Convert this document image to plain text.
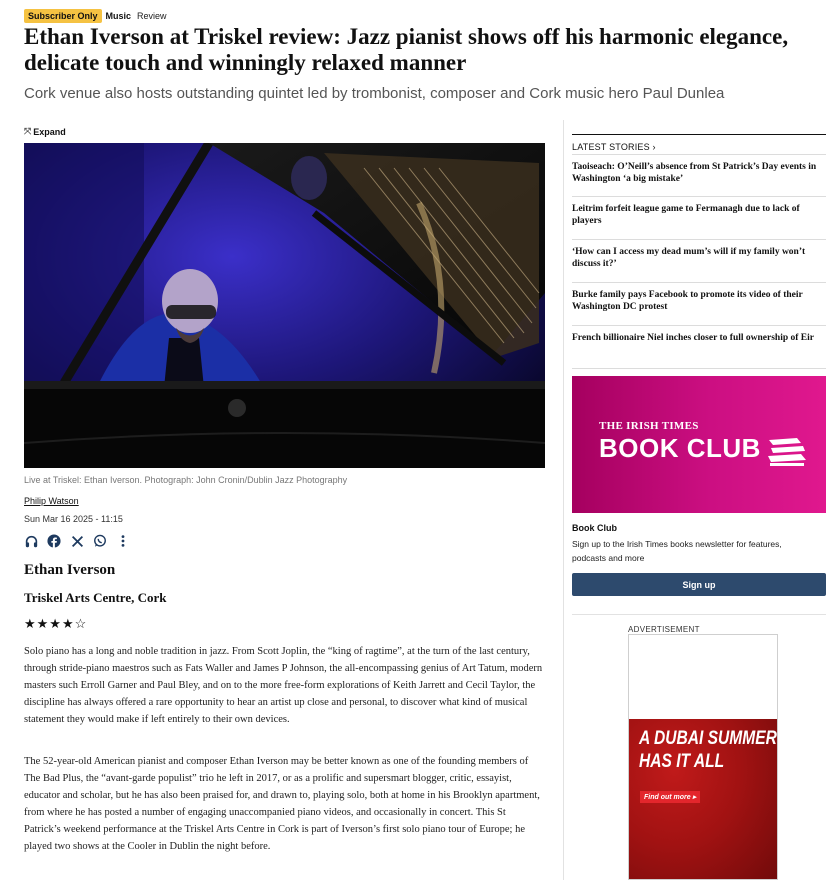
Subscriber Only Music Review
Ethan Iverson at Triskel review: Jazz pianist shows off his harmonic elegance, delicate touch and winningly relaxed manner

Cork venue also hosts outstanding quintet led by trombonist, composer and Cork music hero Paul Dunlea

⤧ Expand
Live at Triskel: Ethan Iverson. Photograph: John Cronin/Dublin Jazz Photography
Philip Watson
Sun Mar 16 2025 - 11:15
Ethan Iverson
Triskel Arts Centre, Cork
★★★★☆

Solo piano has a long and noble tradition in jazz. From Scott Joplin, the “king of ragtime”, at the turn of the last century, through stride-piano maestros such as Fats Waller and James P Johnson, the all-encompassing genius of Art Tatum, modern masters such Erroll Garner and Paul Bley, and on to the more free-form explorations of Keith Jarrett and Cecil Taylor, the discipline has always offered a rare opportunity to hear an artist up close and personal, to discover what kind of musical statement they would make if left entirely to their own devices.

The 52-year-old American pianist and composer Ethan Iverson may be better known as one of the founding members of The Bad Plus, the “avant-garde populist” trio he left in 2017, or as a prolific and supersmart blogger, critic, essayist, educator and scholar, but he has also been praised for, and drawn to, playing solo, both at home in his Brooklyn apartment, from where he has posted a number of engaging unaccompanied piano videos, and occasionally in concert. This St Patrick’s weekend performance at the Triskel Arts Centre in Cork is part of Iverson’s first solo piano tour of Europe; he played two shows at the Cooler in Dublin the night before.

LATEST STORIES ›
Taoiseach: O’Neill’s absence from St Patrick’s Day events in Washington ‘a big mistake’
Leitrim forfeit league game to Fermanagh due to lack of players
‘How can I access my dead mum’s will if my family won’t discuss it?’
Burke family pays Facebook to promote its video of their Washington DC protest
French billionaire Niel inches closer to full ownership of Eir
THE IRISH TIMES
BOOK CLUB
Book Club
Sign up to the Irish Times books newsletter for features, podcasts and more
Sign up
ADVERTISEMENT
A DUBAI SUMMER HAS IT ALL
Find out more ▸
